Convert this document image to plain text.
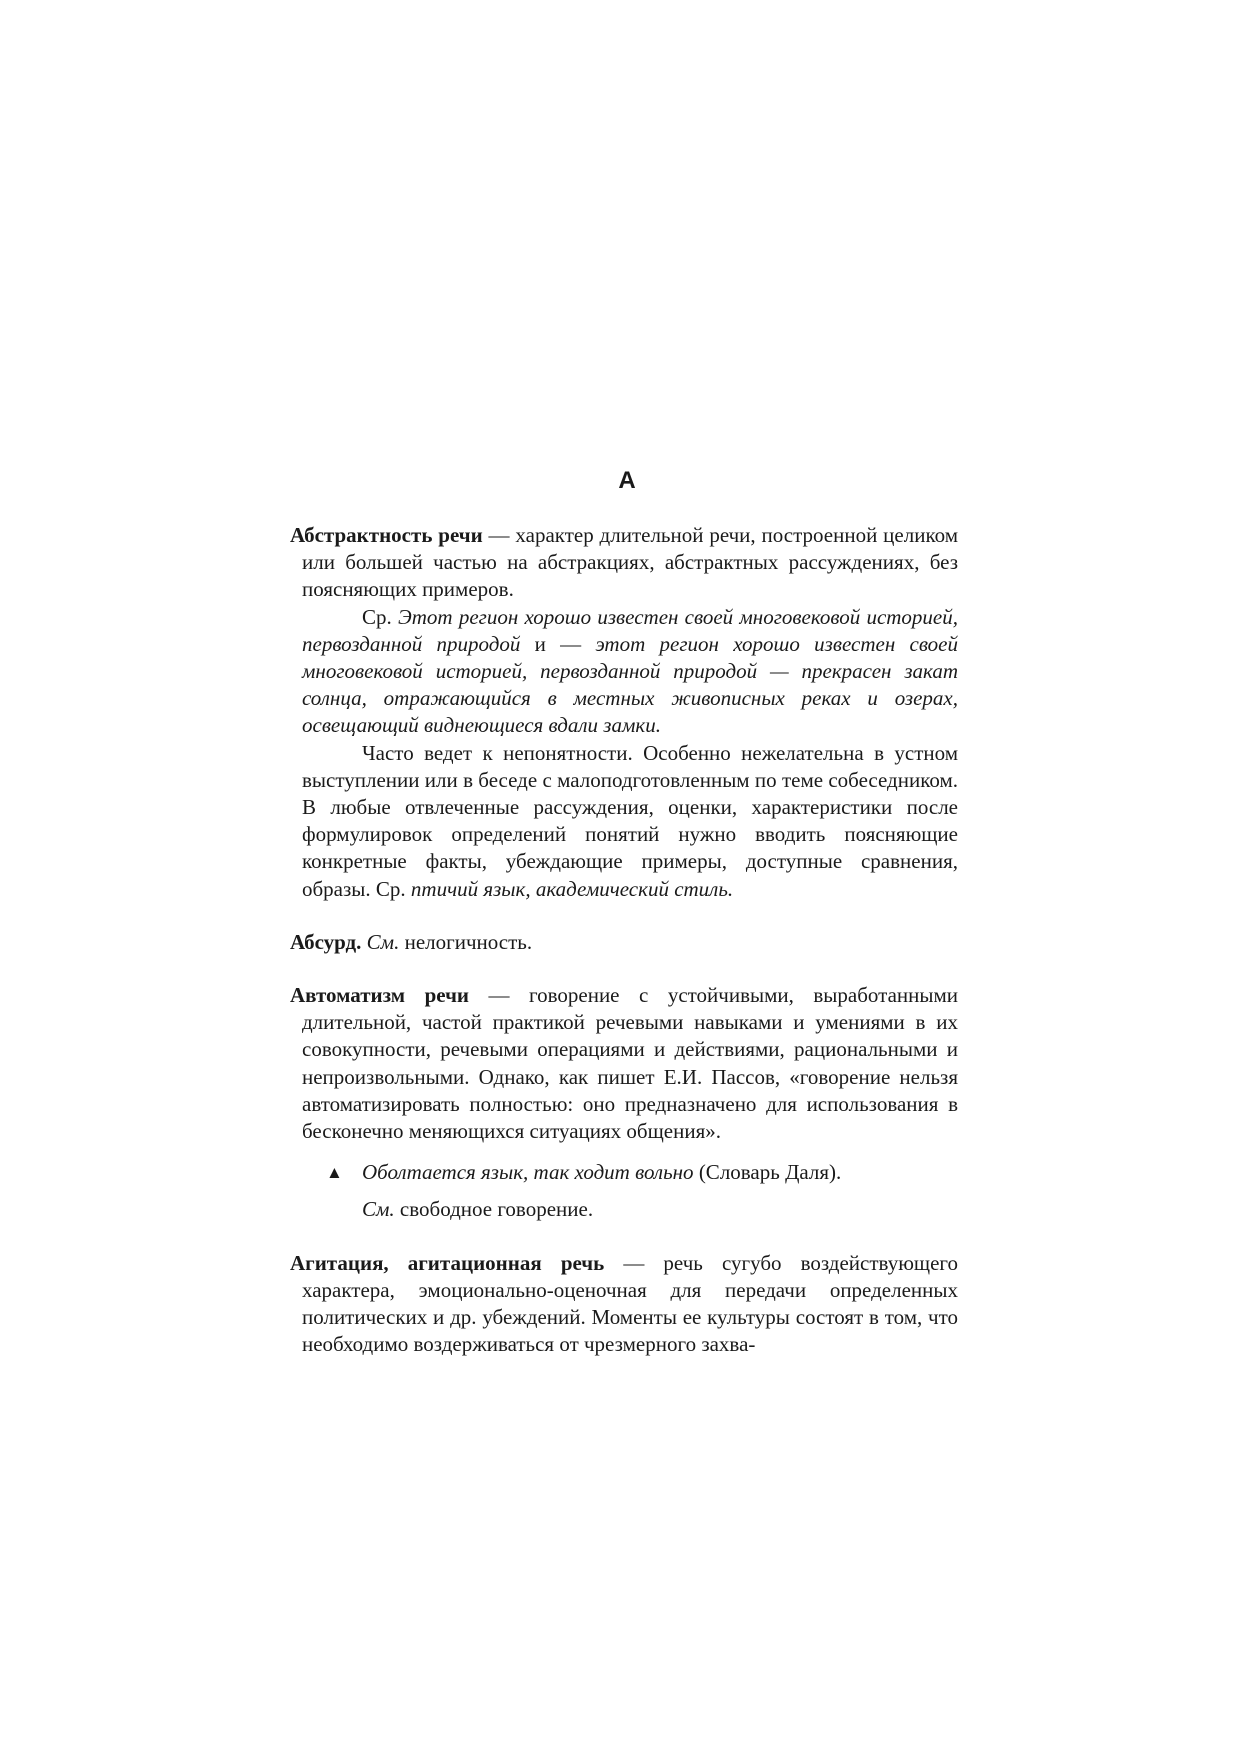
А

Абстрактность речи — характер длительной речи, построенной целиком или большей частью на абстракциях, абстрактных рассуждениях, без поясняющих примеров.

Ср. Этот регион хорошо известен своей многовековой историей, первозданной природой и — этот регион хорошо известен своей многовековой историей, первозданной природой — прекрасен закат солнца, отражающийся в местных живописных реках и озерах, освещающий виднеющиеся вдали замки.

Часто ведет к непонятности. Особенно нежелательна в устном выступлении или в беседе с малоподготовленным по теме собеседником. В любые отвлеченные рассуждения, оценки, характеристики после формулировок определений понятий нужно вводить поясняющие конкретные факты, убеждающие примеры, доступные сравнения, образы. Ср. птичий язык, академический стиль.

Абсурд. См. нелогичность.

Автоматизм речи — говорение с устойчивыми, выработанными длительной, частой практикой речевыми навыками и умениями в их совокупности, речевыми операциями и действиями, рациональными и непроизвольными. Однако, как пишет Е.И. Пассов, «говорение нельзя автоматизировать полностью: оно предназначено для использования в бесконечно меняющихся ситуациях общения».

▲ Оболтается язык, так ходит вольно (Словарь Даля).

См. свободное говорение.

Агитация, агитационная речь — речь сугубо воздействующего характера, эмоционально-оценочная для передачи определенных политических и др. убеждений. Моменты ее культуры состоят в том, что необходимо воздерживаться от чрезмерного захва-
